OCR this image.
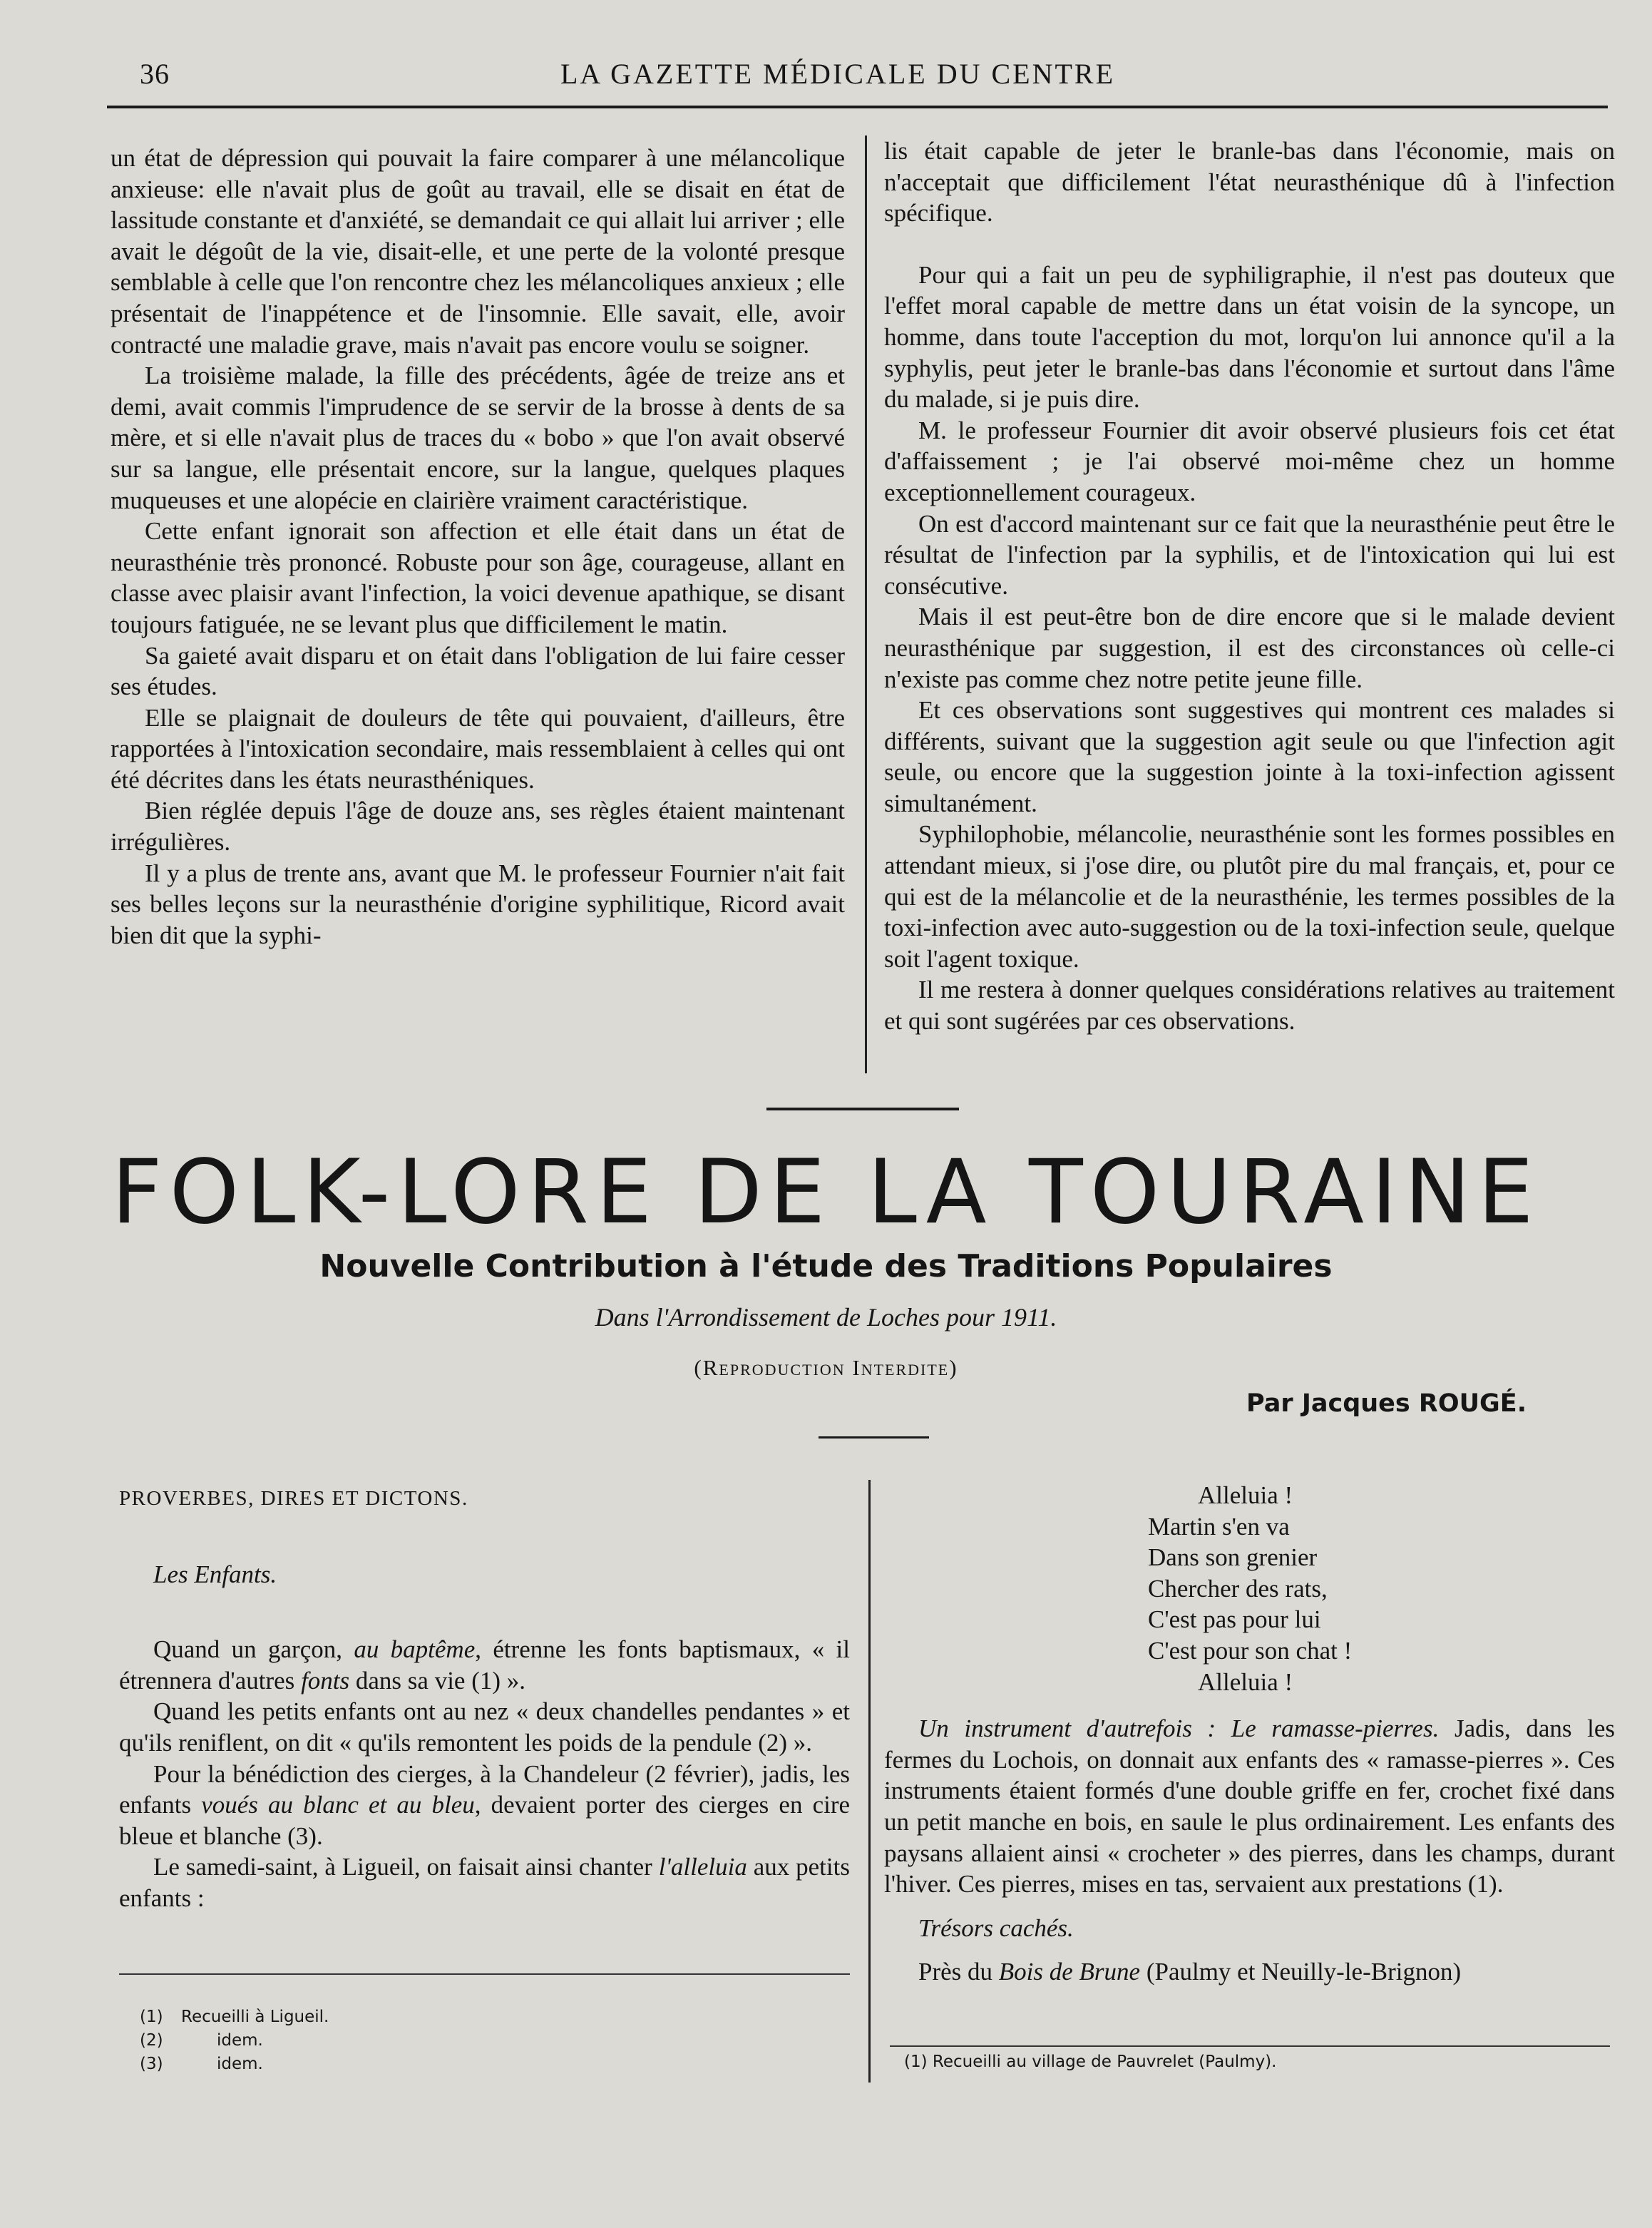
36	LA GAZETTE MÉDICALE DU CENTRE

un état de dépression qui pouvait la faire comparer à une mélancolique anxieuse: elle n'avait plus de goût au travail, elle se disait en état de lassitude constante et d'anxiété, se demandait ce qui allait lui arriver ; elle avait le dégoût de la vie, disait-elle, et une perte de la volonté presque semblable à celle que l'on rencontre chez les mélancoliques anxieux ; elle présentait de l'inappétence et de l'insomnie. Elle savait, elle, avoir contracté une maladie grave, mais n'avait pas encore voulu se soigner.

La troisième malade, la fille des précédents, âgée de treize ans et demi, avait commis l'imprudence de se servir de la brosse à dents de sa mère, et si elle n'avait plus de traces du « bobo » que l'on avait observé sur sa langue, elle présentait encore, sur la langue, quelques plaques muqueuses et une alopécie en clairière vraiment caractéristique.

Cette enfant ignorait son affection et elle était dans un état de neurasthénie très prononcé. Robuste pour son âge, courageuse, allant en classe avec plaisir avant l'infection, la voici devenue apathique, se disant toujours fatiguée, ne se levant plus que difficilement le matin.

Sa gaieté avait disparu et on était dans l'obligation de lui faire cesser ses études.

Elle se plaignait de douleurs de tête qui pouvaient, d'ailleurs, être rapportées à l'intoxication secondaire, mais ressemblaient à celles qui ont été décrites dans les états neurasthéniques.

Bien réglée depuis l'âge de douze ans, ses règles étaient maintenant irrégulières.

Il y a plus de trente ans, avant que M. le professeur Fournier n'ait fait ses belles leçons sur la neurasthénie d'origine syphilitique, Ricord avait bien dit que la syphi-

lis était capable de jeter le branle-bas dans l'économie, mais on n'acceptait que difficilement l'état neurasthénique dû à l'infection spécifique.

Pour qui a fait un peu de syphiligraphie, il n'est pas douteux que l'effet moral capable de mettre dans un état voisin de la syncope, un homme, dans toute l'acception du mot, lorqu'on lui annonce qu'il a la syphylis, peut jeter le branle-bas dans l'économie et surtout dans l'âme du malade, si je puis dire.

M. le professeur Fournier dit avoir observé plusieurs fois cet état d'affaissement ; je l'ai observé moi-même chez un homme exceptionnellement courageux.

On est d'accord maintenant sur ce fait que la neurasthénie peut être le résultat de l'infection par la syphilis, et de l'intoxication qui lui est consécutive.

Mais il est peut-être bon de dire encore que si le malade devient neurasthénique par suggestion, il est des circonstances où celle-ci n'existe pas comme chez notre petite jeune fille.

Et ces observations sont suggestives qui montrent ces malades si différents, suivant que la suggestion agit seule ou que l'infection agit seule, ou encore que la suggestion jointe à la toxi-infection agissent simultanément.

Syphilophobie, mélancolie, neurasthénie sont les formes possibles en attendant mieux, si j'ose dire, ou plutôt pire du mal français, et, pour ce qui est de la mélancolie et de la neurasthénie, les termes possibles de la toxi-infection avec auto-suggestion ou de la toxi-infection seule, quelque soit l'agent toxique.

Il me restera à donner quelques considérations relatives au traitement et qui sont sugérées par ces observations.

FOLK-LORE DE LA TOURAINE
Nouvelle Contribution à l'étude des Traditions Populaires
Dans l'Arrondissement de Loches pour 1911.
(Reproduction Interdite)
Par Jacques ROUGÉ.

PROVERBES, DIRES ET DICTONS.

Les Enfants.

Quand un garçon, au baptême, étrenne les fonts baptismaux, « il étrennera d'autres fonts dans sa vie (1) ».

Quand les petits enfants ont au nez « deux chandelles pendantes » et qu'ils reniflent, on dit « qu'ils remontent les poids de la pendule (2) ».

Pour la bénédiction des cierges, à la Chandeleur (2 février), jadis, les enfants voués au blanc et au bleu, devaient porter des cierges en cire bleue et blanche (3).

Le samedi-saint, à Ligueil, on faisait ainsi chanter l'alleluia aux petits enfants :

(1) Recueilli à Ligueil.
(2)	idem.
(3)	idem.
Alleluia !
Martin s'en va
Dans son grenier
Chercher des rats,
C'est pas pour lui
C'est pour son chat !
Alleluia !

Un instrument d'autrefois : Le ramasse-pierres. Jadis, dans les fermes du Lochois, on donnait aux enfants des « ramasse-pierres ». Ces instruments étaient formés d'une double griffe en fer, crochet fixé dans un petit manche en bois, en saule le plus ordinairement. Les enfants des paysans allaient ainsi « crocheter » des pierres, dans les champs, durant l'hiver. Ces pierres, mises en tas, servaient aux prestations (1).

Trésors cachés.

Près du Bois de Brune (Paulmy et Neuilly-le-Brignon)

(1) Recueilli au village de Pauvrelet (Paulmy).
